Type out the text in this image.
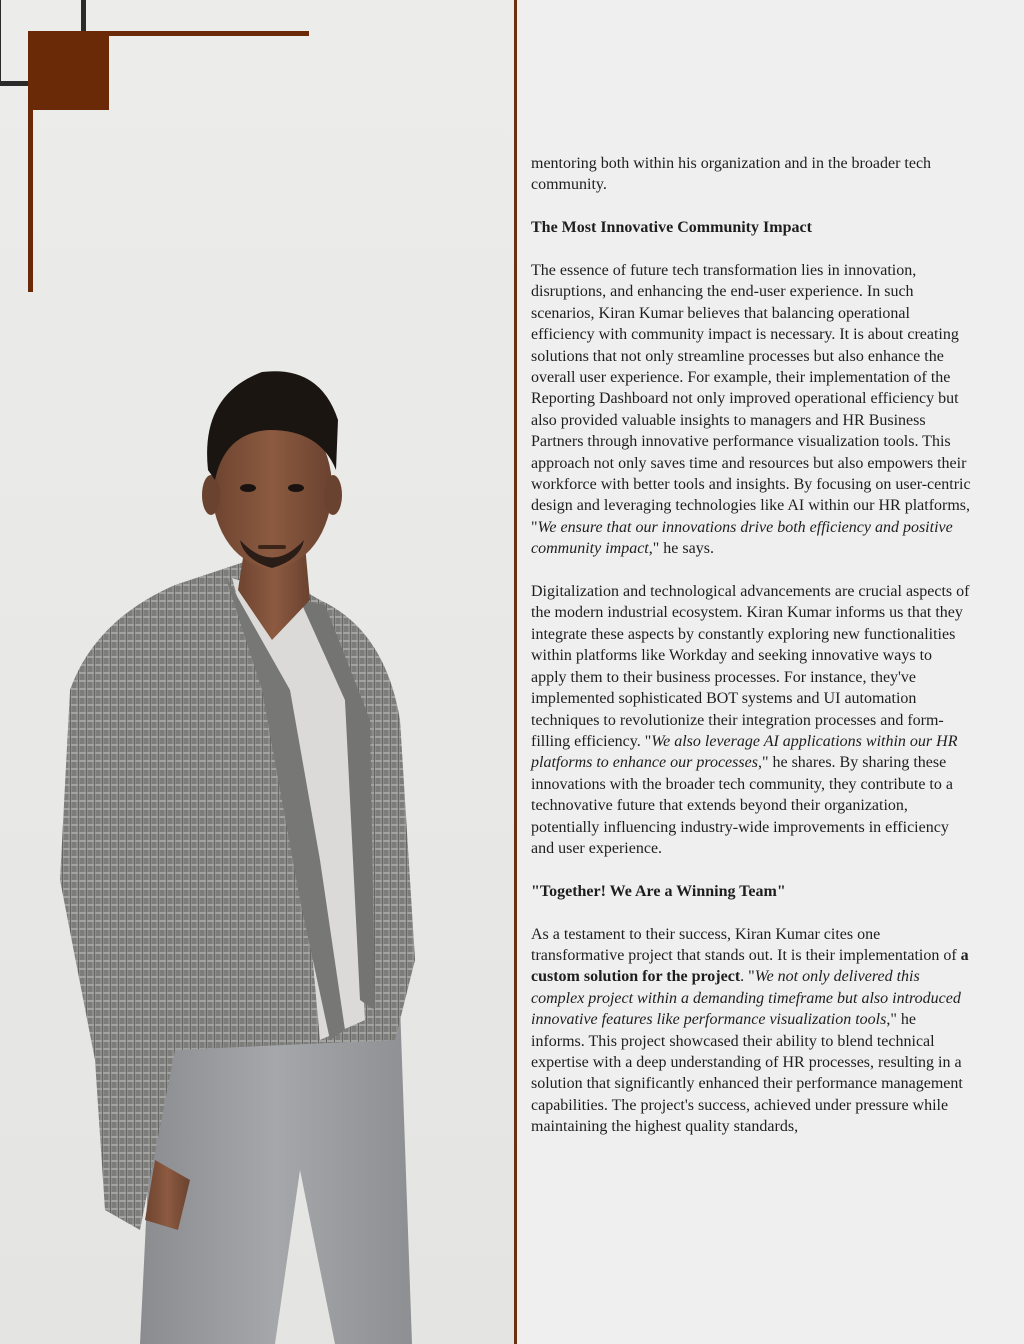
mentoring both within his organization and in the broader tech community.

The Most Innovative Community Impact

The essence of future tech transformation lies in innovation, disruptions, and enhancing the end-user experience. In such scenarios, Kiran Kumar believes that balancing operational efficiency with community impact is necessary. It is about creating solutions that not only streamline processes but also enhance the overall user experience. For example, their implementation of the Reporting Dashboard not only improved operational efficiency but also provided valuable insights to managers and HR Business Partners through innovative performance visualization tools. This approach not only saves time and resources but also empowers their workforce with better tools and insights. By focusing on user-centric design and leveraging technologies like AI within our HR platforms, "We ensure that our innovations drive both efficiency and positive community impact," he says.

Digitalization and technological advancements are crucial aspects of the modern industrial ecosystem. Kiran Kumar informs us that they integrate these aspects by constantly exploring new functionalities within platforms like Workday and seeking innovative ways to apply them to their business processes. For instance, they've implemented sophisticated BOT systems and UI automation techniques to revolutionize their integration processes and form-filling efficiency. "We also leverage AI applications within our HR platforms to enhance our processes," he shares. By sharing these innovations with the broader tech community, they contribute to a technovative future that extends beyond their organization, potentially influencing industry-wide improvements in efficiency and user experience.

"Together! We Are a Winning Team"

As a testament to their success, Kiran Kumar cites one transformative project that stands out. It is their implementation of a custom solution for the project. "We not only delivered this complex project within a demanding timeframe but also introduced innovative features like performance visualization tools," he informs. This project showcased their ability to blend technical expertise with a deep understanding of HR processes, resulting in a solution that significantly enhanced their performance management capabilities. The project's success, achieved under pressure while maintaining the highest quality standards,
